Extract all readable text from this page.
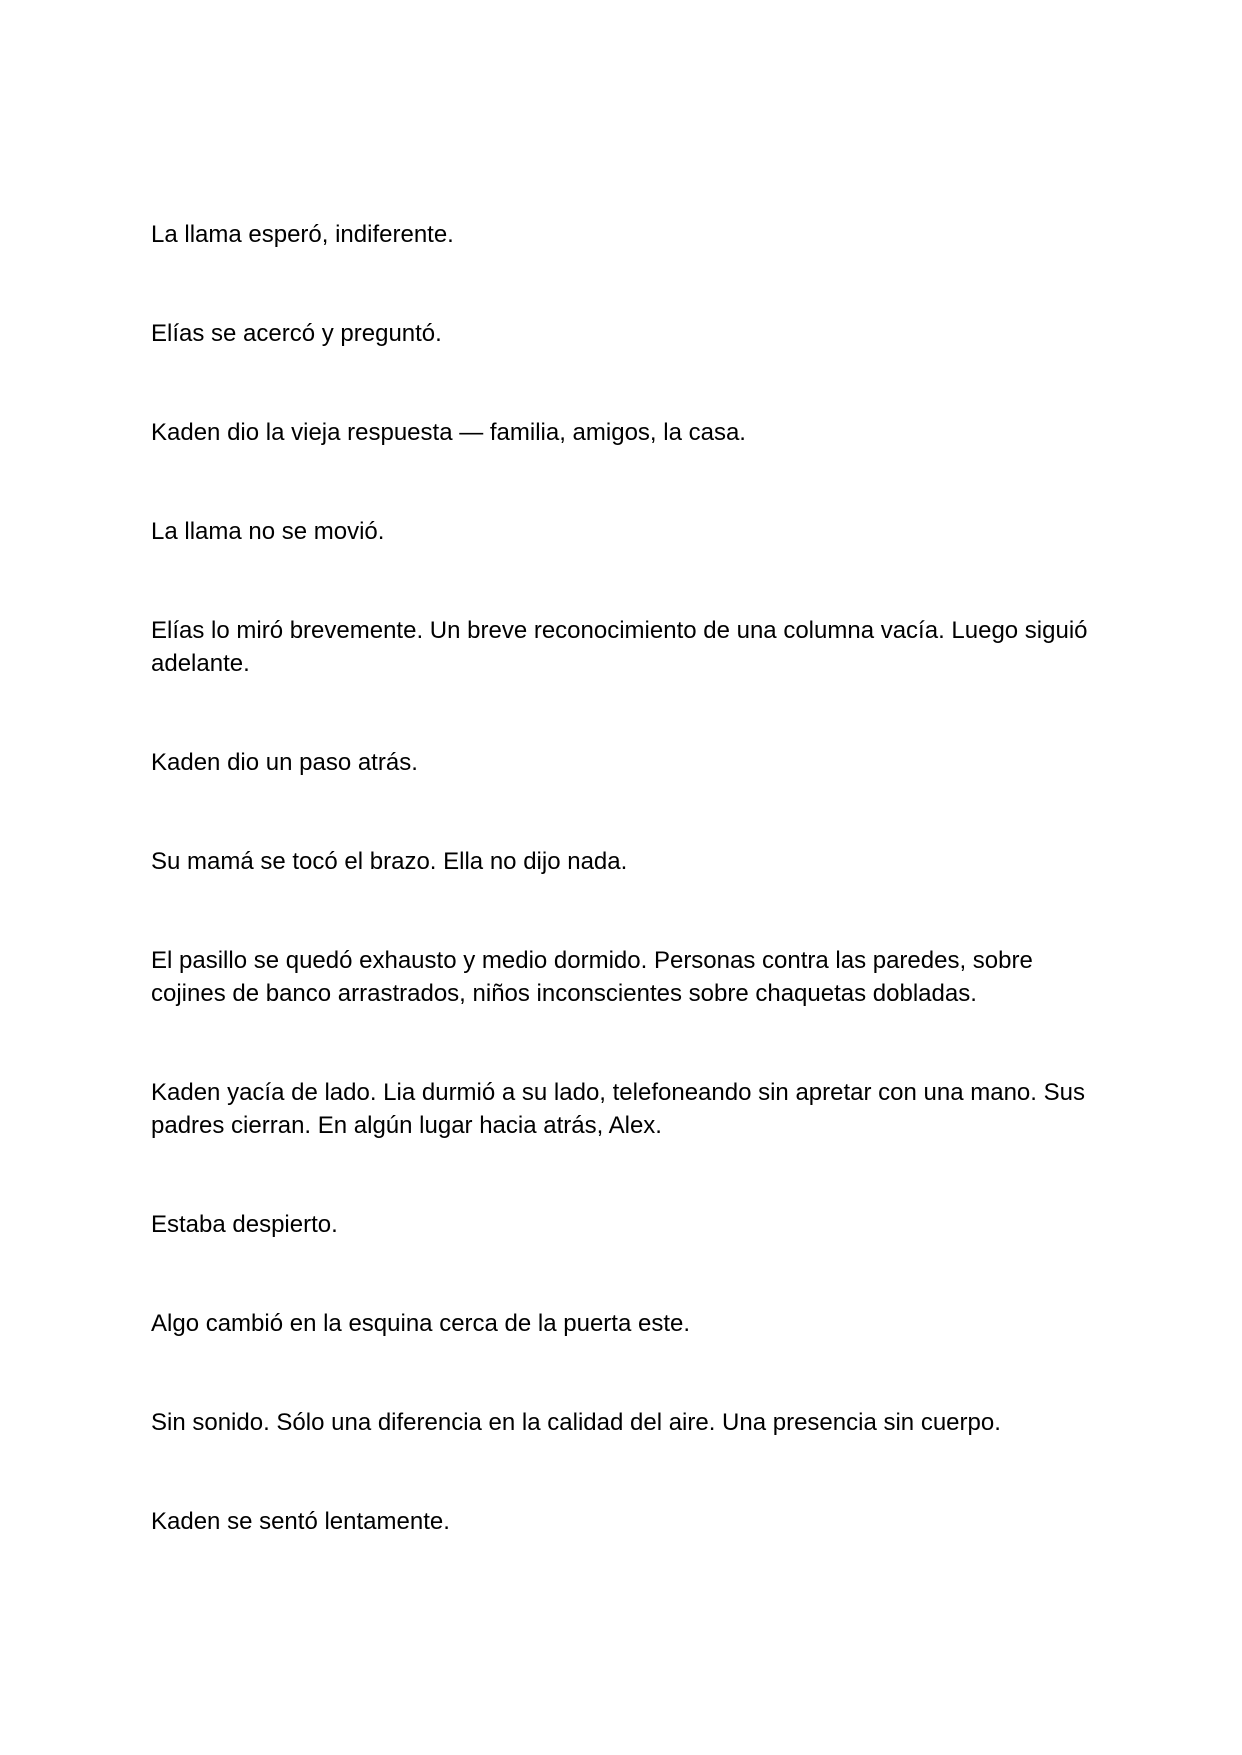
La llama esperó, indiferente.

Elías se acercó y preguntó.

Kaden dio la vieja respuesta — familia, amigos, la casa.

La llama no se movió.

Elías lo miró brevemente. Un breve reconocimiento de una columna vacía. Luego siguió adelante.

Kaden dio un paso atrás.

Su mamá se tocó el brazo. Ella no dijo nada.

El pasillo se quedó exhausto y medio dormido. Personas contra las paredes, sobre cojines de banco arrastrados, niños inconscientes sobre chaquetas dobladas.

Kaden yacía de lado. Lia durmió a su lado, telefoneando sin apretar con una mano. Sus padres cierran. En algún lugar hacia atrás, Alex.

Estaba despierto.

Algo cambió en la esquina cerca de la puerta este.

Sin sonido. Sólo una diferencia en la calidad del aire. Una presencia sin cuerpo.

Kaden se sentó lentamente.
